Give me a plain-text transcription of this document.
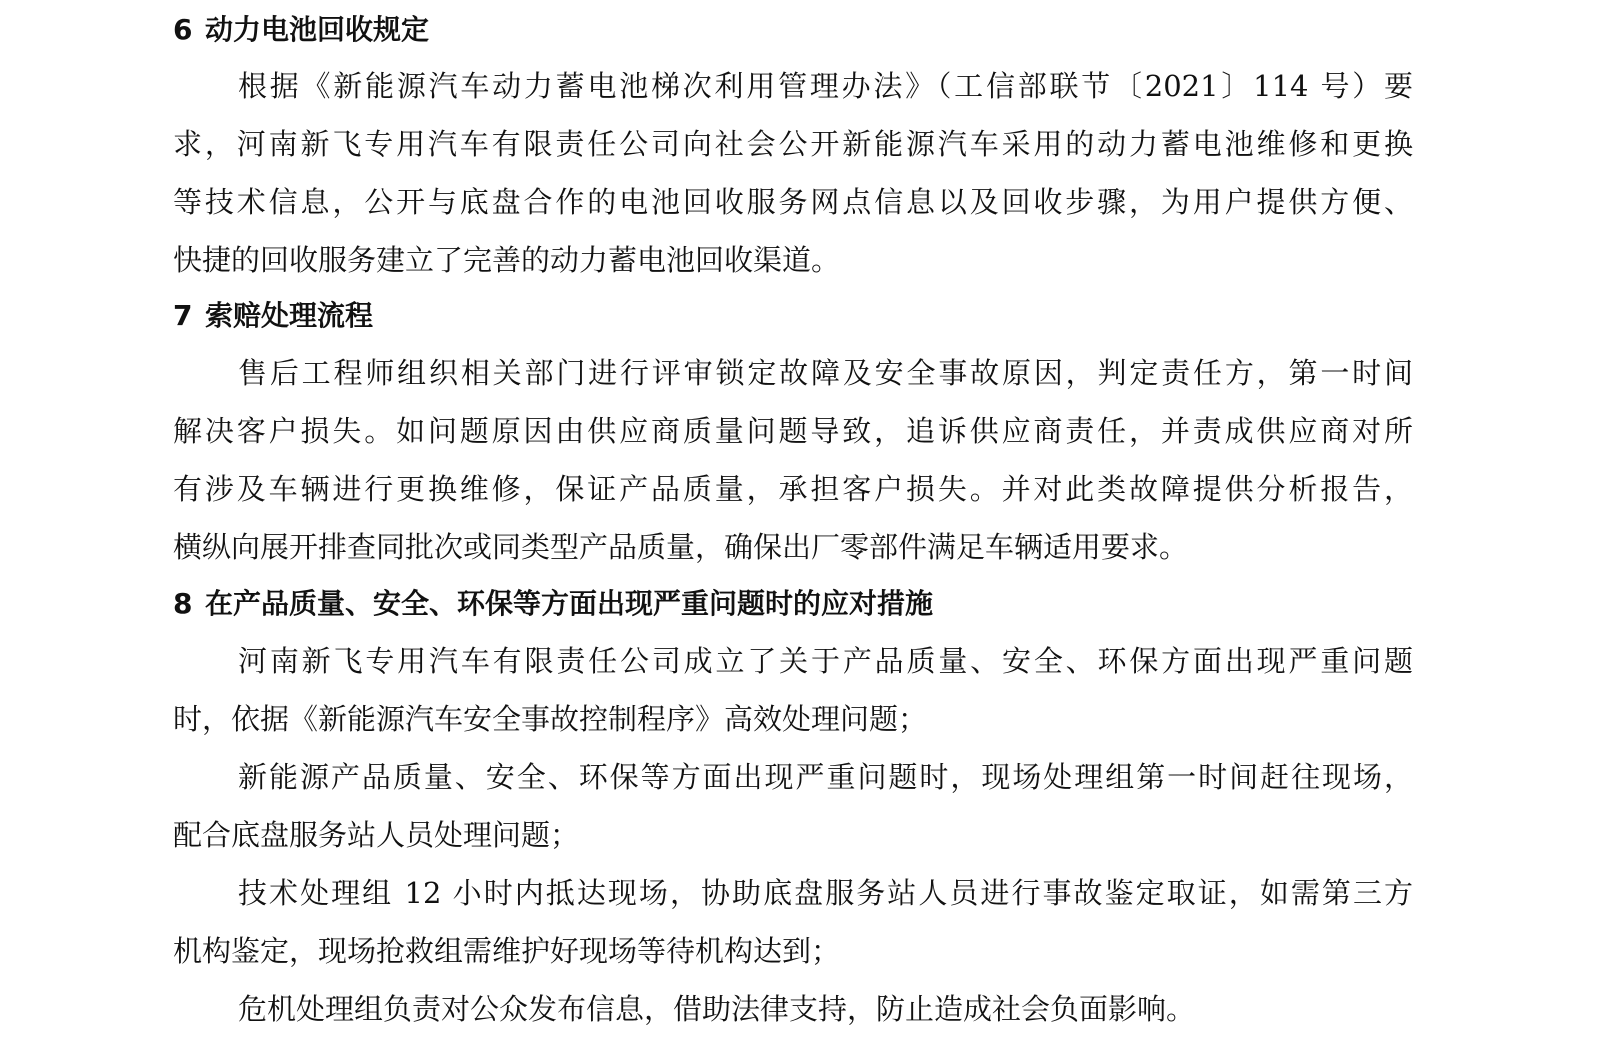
6 动力电池回收规定
根据《新能源汽车动力蓄电池梯次利用管理办法》（工信部联节〔2021〕114 号）要
求，河南新飞专用汽车有限责任公司向社会公开新能源汽车采用的动力蓄电池维修和更换
等技术信息，公开与底盘合作的电池回收服务网点信息以及回收步骤，为用户提供方便、
快捷的回收服务建立了完善的动力蓄电池回收渠道。
7 索赔处理流程
售后工程师组织相关部门进行评审锁定故障及安全事故原因，判定责任方，第一时间
解决客户损失。如问题原因由供应商质量问题导致，追诉供应商责任，并责成供应商对所
有涉及车辆进行更换维修，保证产品质量，承担客户损失。并对此类故障提供分析报告，
横纵向展开排查同批次或同类型产品质量，确保出厂零部件满足车辆适用要求。
8 在产品质量、安全、环保等方面出现严重问题时的应对措施
河南新飞专用汽车有限责任公司成立了关于产品质量、安全、环保方面出现严重问题
时，依据《新能源汽车安全事故控制程序》高效处理问题；
新能源产品质量、安全、环保等方面出现严重问题时，现场处理组第一时间赶往现场，
配合底盘服务站人员处理问题；
技术处理组 12 小时内抵达现场，协助底盘服务站人员进行事故鉴定取证，如需第三方
机构鉴定，现场抢救组需维护好现场等待机构达到；
危机处理组负责对公众发布信息，借助法律支持，防止造成社会负面影响。
